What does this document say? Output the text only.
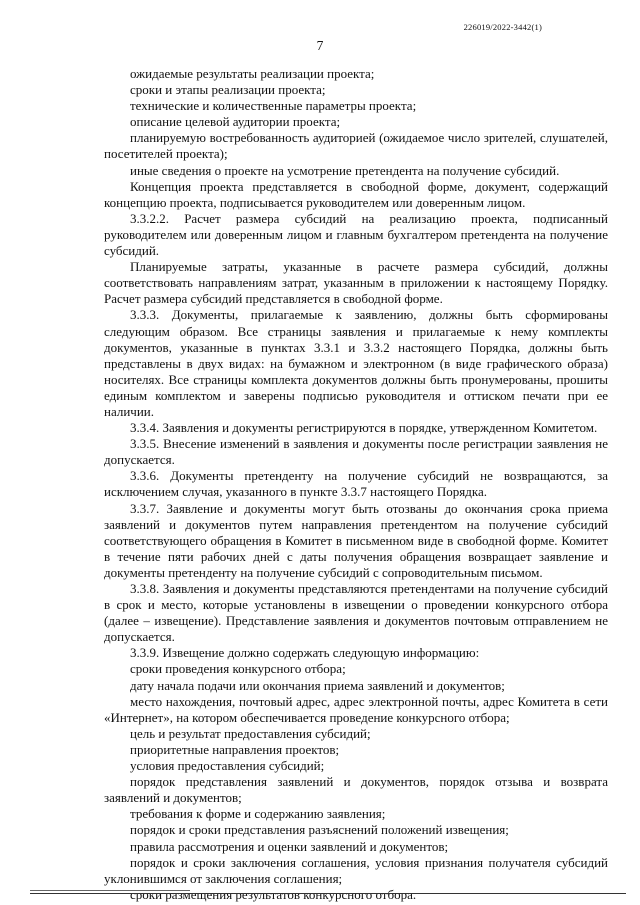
226019/2022-3442(1)
7

ожидаемые результаты реализации проекта;

сроки и этапы реализации проекта;

технические и количественные параметры проекта;

описание целевой аудитории проекта;

планируемую востребованность аудиторией (ожидаемое число зрителей, слушателей, посетителей проекта);

иные сведения о проекте на усмотрение претендента на получение субсидий.

Концепция проекта представляется в свободной форме, документ, содержащий концепцию проекта, подписывается руководителем или доверенным лицом.

3.3.2.2. Расчет размера субсидий на реализацию проекта, подписанный руководителем или доверенным лицом и главным бухгалтером претендента на получение субсидий.

Планируемые затраты, указанные в расчете размера субсидий, должны соответствовать направлениям затрат, указанным в приложении к настоящему Порядку. Расчет размера субсидий представляется в свободной форме.

3.3.3. Документы, прилагаемые к заявлению, должны быть сформированы следующим образом. Все страницы заявления и прилагаемые к нему комплекты документов, указанные в пунктах 3.3.1 и 3.3.2 настоящего Порядка, должны быть представлены в двух видах: на бумажном и электронном (в виде графического образа) носителях. Все страницы комплекта документов должны быть пронумерованы, прошиты единым комплектом и заверены подписью руководителя и оттиском печати при ее наличии.

3.3.4. Заявления и документы регистрируются в порядке, утвержденном Комитетом.

3.3.5. Внесение изменений в заявления и документы после регистрации заявления не допускается.

3.3.6. Документы претенденту на получение субсидий не возвращаются, за исключением случая, указанного в пункте 3.3.7 настоящего Порядка.

3.3.7. Заявление и документы могут быть отозваны до окончания срока приема заявлений и документов путем направления претендентом на получение субсидий соответствующего обращения в Комитет в письменном виде в свободной форме. Комитет в течение пяти рабочих дней с даты получения обращения возвращает заявление и документы претенденту на получение субсидий с сопроводительным письмом.

3.3.8. Заявления и документы представляются претендентами на получение субсидий в срок и место, которые установлены в извещении о проведении конкурсного отбора (далее – извещение). Представление заявления и документов почтовым отправлением не допускается.

3.3.9. Извещение должно содержать следующую информацию:

сроки проведения конкурсного отбора;

дату начала подачи или окончания приема заявлений и документов;

место нахождения, почтовый адрес, адрес электронной почты, адрес Комитета в сети «Интернет», на котором обеспечивается проведение конкурсного отбора;

цель и результат предоставления субсидий;

приоритетные направления проектов;

условия предоставления субсидий;

порядок представления заявлений и документов, порядок отзыва и возврата заявлений и документов;

требования к форме и содержанию заявления;

порядок и сроки представления разъяснений положений извещения;

правила рассмотрения и оценки заявлений и документов;

порядок и сроки заключения соглашения, условия признания получателя субсидий уклонившимся от заключения соглашения;

сроки размещения результатов конкурсного отбора.
